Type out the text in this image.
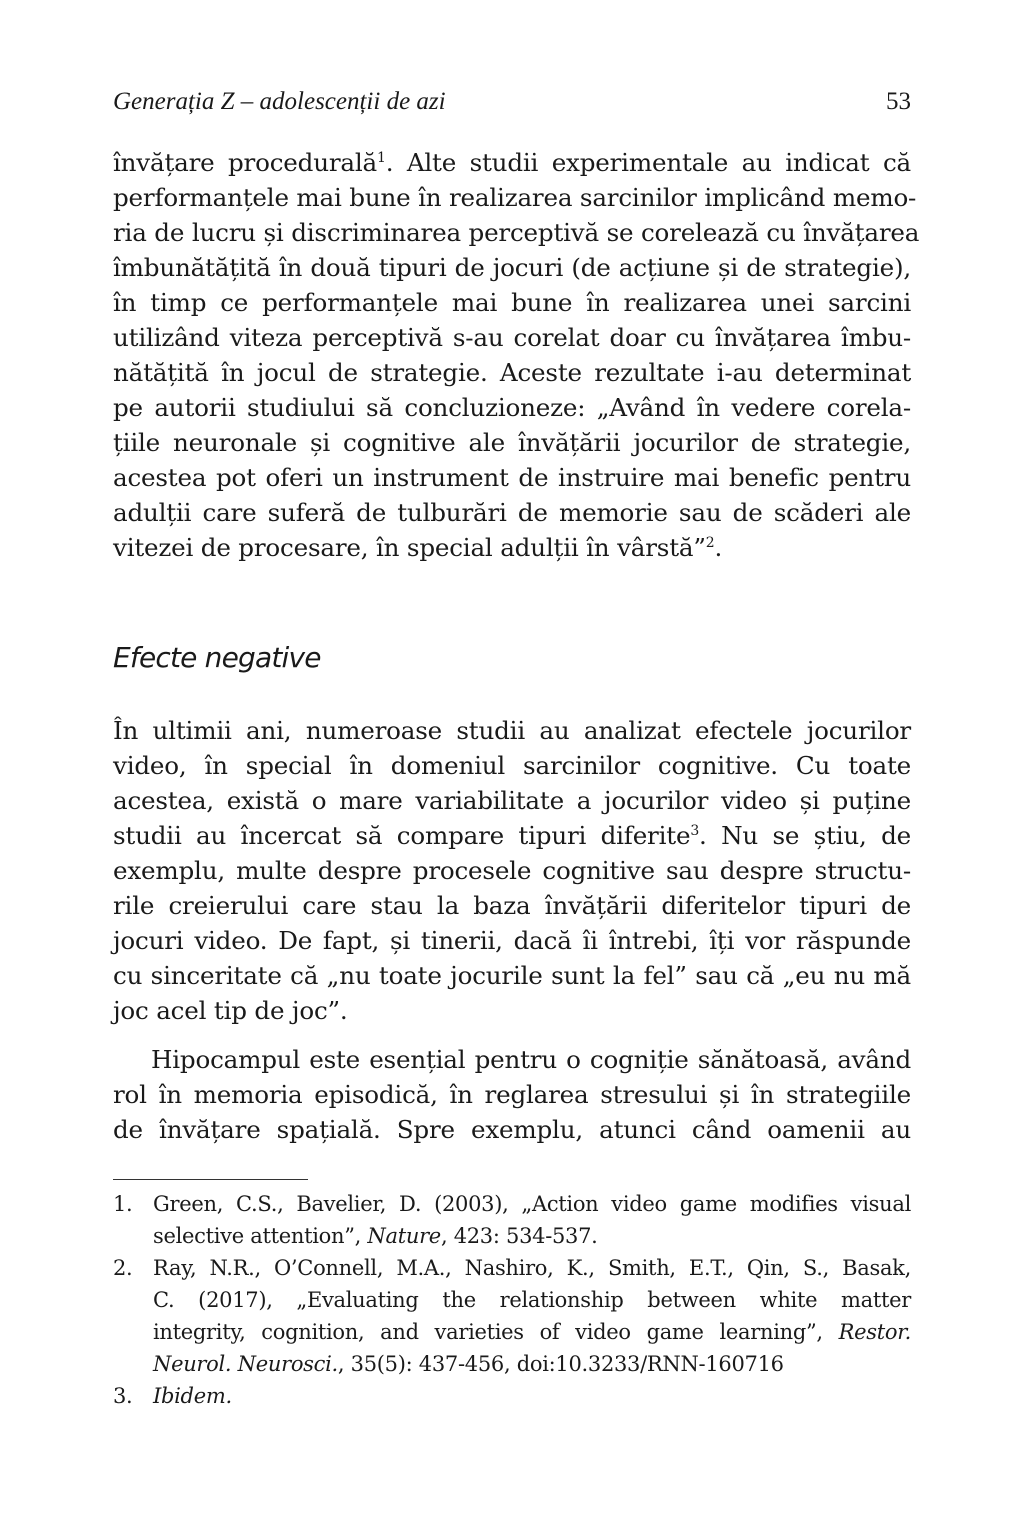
Generația Z – adolescenții de azi	53
învățare procedurală$^1$. Alte studii experimentale au indicat că
performanțele mai bune în realizarea sarcinilor implicând memo-
ria de lucru și discriminarea perceptivă se corelează cu învățarea
îmbunătățită în două tipuri de jocuri (de acțiune și de strategie),
în timp ce performanțele mai bune în realizarea unei sarcini
utilizând viteza perceptivă s-au corelat doar cu învățarea îmbu-
nătățită în jocul de strategie. Aceste rezultate i-au determinat
pe autorii studiului să concluzioneze: „Având în vedere corela-
țiile neuronale și cognitive ale învățării jocurilor de strategie,
acestea pot oferi un instrument de instruire mai benefic pentru
adulții care suferă de tulburări de memorie sau de scăderi ale
vitezei de procesare, în special adulții în vârstă”$^2$.
Efecte negative
În ultimii ani, numeroase studii au analizat efectele jocurilor
video, în special în domeniul sarcinilor cognitive. Cu toate
acestea, există o mare variabilitate a jocurilor video și puține
studii au încercat să compare tipuri diferite$^3$. Nu se știu, de
exemplu, multe despre procesele cognitive sau despre structu-
rile creierului care stau la baza învățării diferitelor tipuri de
jocuri video. De fapt, și tinerii, dacă îi întrebi, îți vor răspunde
cu sinceritate că „nu toate jocurile sunt la fel” sau că „eu nu mă
joc acel tip de joc”.
Hipocampul este esențial pentru o cogniție sănătoasă, având
rol în memoria episodică, în reglarea stresului și în strategiile
de învățare spațială. Spre exemplu, atunci când oamenii au
1. Green, C.S., Bavelier, D. (2003), „Action video game modifies visual
selective attention”, Nature, 423: 534-537.
2. Ray, N.R., O’Connell, M.A., Nashiro, K., Smith, E.T., Qin, S., Basak,
C. (2017), „Evaluating the relationship between white matter
integrity, cognition, and varieties of video game learning”, Restor.
Neurol. Neurosci., 35(5): 437-456, doi:10.3233/RNN-160716
3. Ibidem.
